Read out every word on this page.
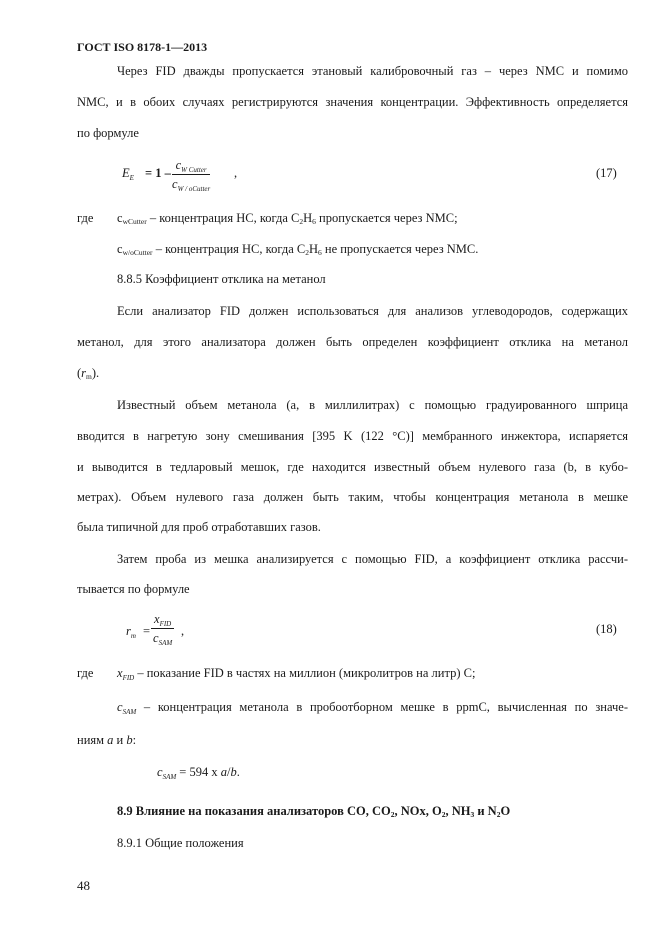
ГОСТ ISO 8178-1—2013
Через FID дважды пропускается этановый калибровочный газ – через NMC и помимо
NMC, и в обоих случаях регистрируются значения концентрации. Эффективность определяется
по формуле
$E_E = 1$ –
$c_{W Cutter}$
$c_{W / oCutter}$
,	(17)
где cwCutter – концентрация НС, когда C2H6 пропускается через NMC;
cw/oCutter – концентрация НС, когда C2H6 не пропускается через NMC.
8.8.5 Коэффициент отклика на метанол
Если анализатор FID должен использоваться для анализов углеводородов, содержащих
метанол, для этого анализатора должен быть определен коэффициент отклика на метанол
(rm).
Известный объем метанола (a, в миллилитрах) с помощью градуированного шприца
вводится в нагретую зону смешивания [395 K (122 °C)] мембранного инжектора, испаряется
и выводится в тедларовый мешок, где находится известный объем нулевого газа (b, в кубо-
метрах). Объем нулевого газа должен быть таким, чтобы концентрация метанола в мешке
была типичной для проб отработавших газов.
Затем проба из мешка анализируется с помощью FID, а коэффициент отклика рассчи-
тывается по формуле
$r_m$ =
$x_{FID}$
$c_{SAM}$
,	(18)
где $x_{FID}$ – показание FID в частях на миллион (микролитров на литр) C;
$c_{SAM}$ – концентрация метанола в пробоотборном мешке в ppmC, вычисленная по значе-
ниям a и b:
$c_{SAM} = 594$ x a/b.
8.9 Влияние на показания анализаторов CO, CO2, NOx, O2, NH3 и N2O
8.9.1 Общие положения
48
